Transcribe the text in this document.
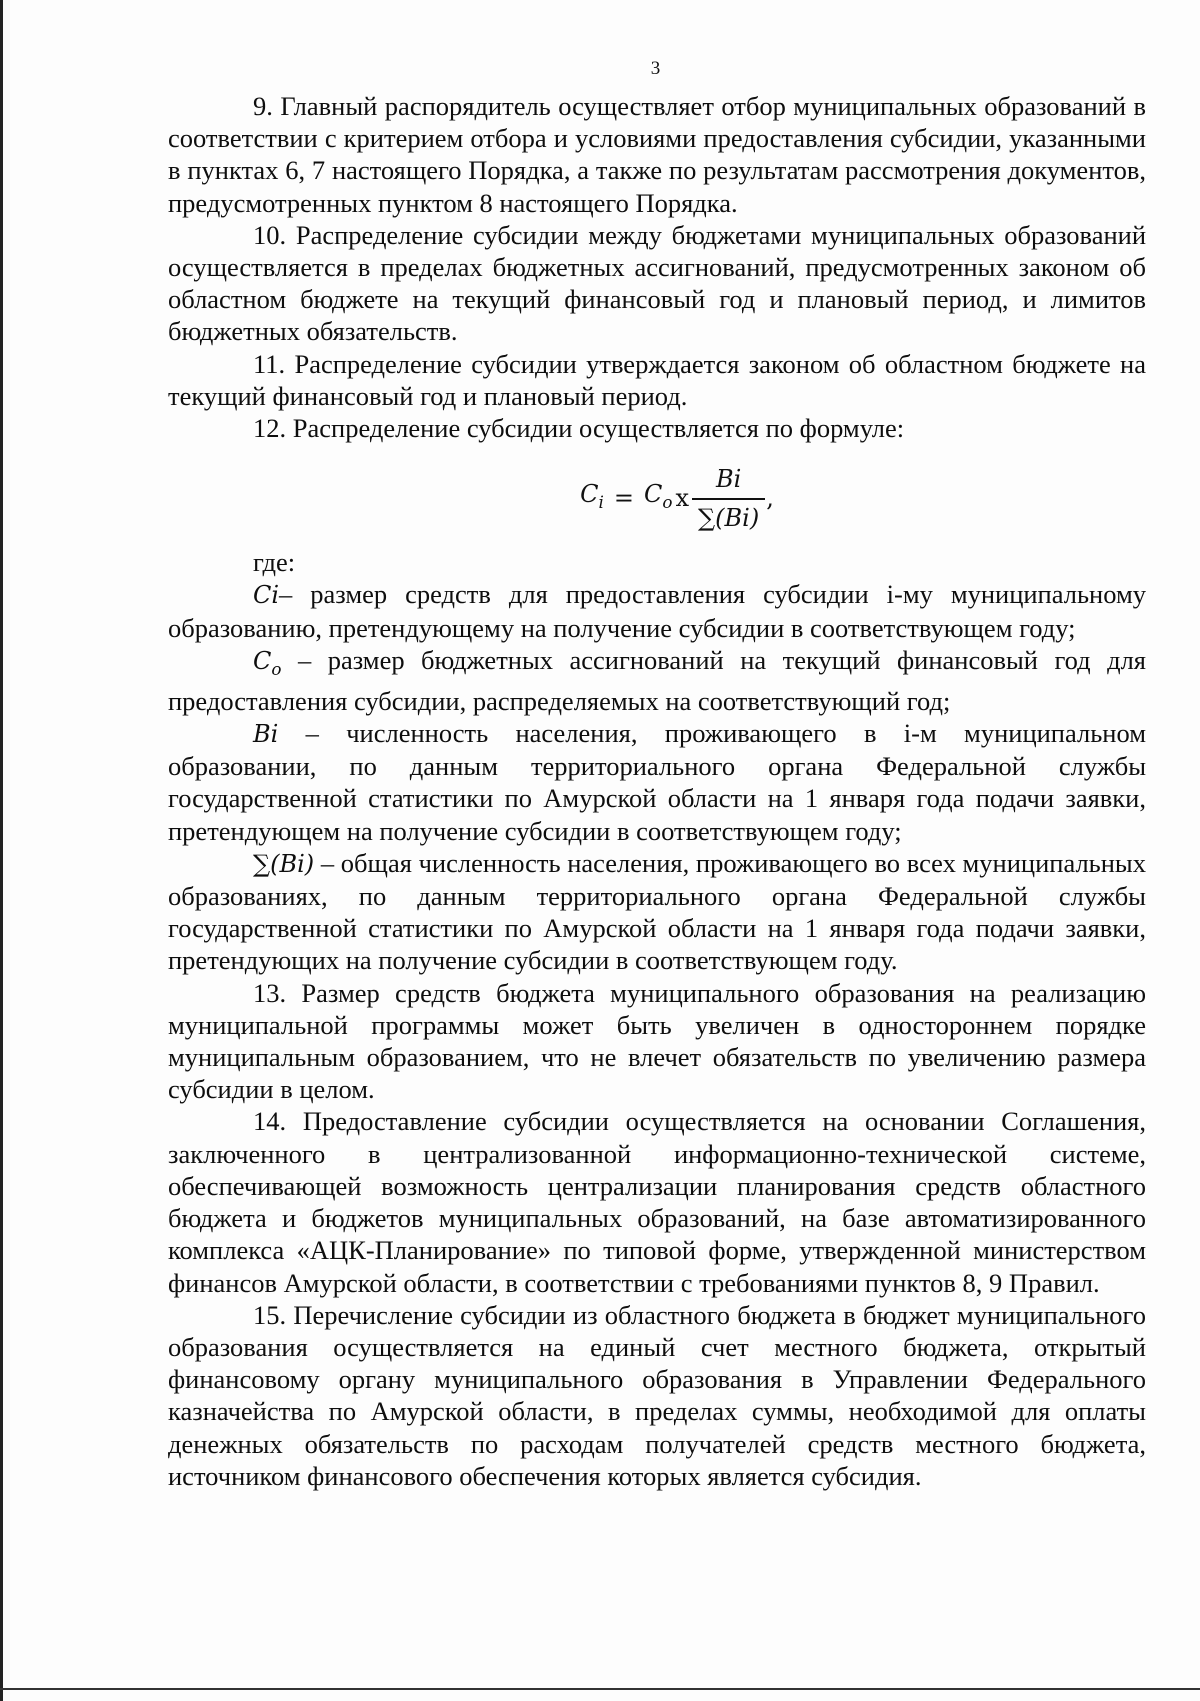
3

9. Главный распорядитель осуществляет отбор муниципальных образований в соответствии с критерием отбора и условиями предоставления субсидии, указанными в пунктах 6, 7 настоящего Порядка, а также по результатам рассмотрения документов, предусмотренных пунктом 8 настоящего Порядка.

10. Распределение субсидии между бюджетами муниципальных образований осуществляется в пределах бюджетных ассигнований, предусмотренных законом об областном бюджете на текущий финансовый год и плановый период, и лимитов бюджетных обязательств.

11. Распределение субсидии утверждается законом об областном бюджете на текущий финансовый год и плановый период.

12. Распределение субсидии осуществляется по формуле:

$C_i = C_o$ x $\frac{Bi}{\sum(Bi)}$ ,

где:

Ci– размер средств для предоставления субсидии i-му муниципальному образованию, претендующему на получение субсидии в соответствующем году;

$C_o$ – размер бюджетных ассигнований на текущий финансовый год для предоставления субсидии, распределяемых на соответствующий год;

Bi – численность населения, проживающего в i-м муниципальном образовании, по данным территориального органа Федеральной службы государственной статистики по Амурской области на 1 января года подачи заявки, претендующем на получение субсидии в соответствующем году;

∑(Bi) – общая численность населения, проживающего во всех муниципальных образованиях, по данным территориального органа Федеральной службы государственной статистики по Амурской области на 1 января года подачи заявки, претендующих на получение субсидии в соответствующем году.

13. Размер средств бюджета муниципального образования на реализацию муниципальной программы может быть увеличен в одностороннем порядке муниципальным образованием, что не влечет обязательств по увеличению размера субсидии в целом.

14. Предоставление субсидии осуществляется на основании Соглашения, заключенного в централизованной информационно-технической системе, обеспечивающей возможность централизации планирования средств областного бюджета и бюджетов муниципальных образований, на базе автоматизированного комплекса «АЦК-Планирование» по типовой форме, утвержденной министерством финансов Амурской области, в соответствии с требованиями пунктов 8, 9 Правил.

15. Перечисление субсидии из областного бюджета в бюджет муниципального образования осуществляется на единый счет местного бюджета, открытый финансовому органу муниципального образования в Управлении Федерального казначейства по Амурской области, в пределах суммы, необходимой для оплаты денежных обязательств по расходам получателей средств местного бюджета, источником финансового обеспечения которых является субсидия.
